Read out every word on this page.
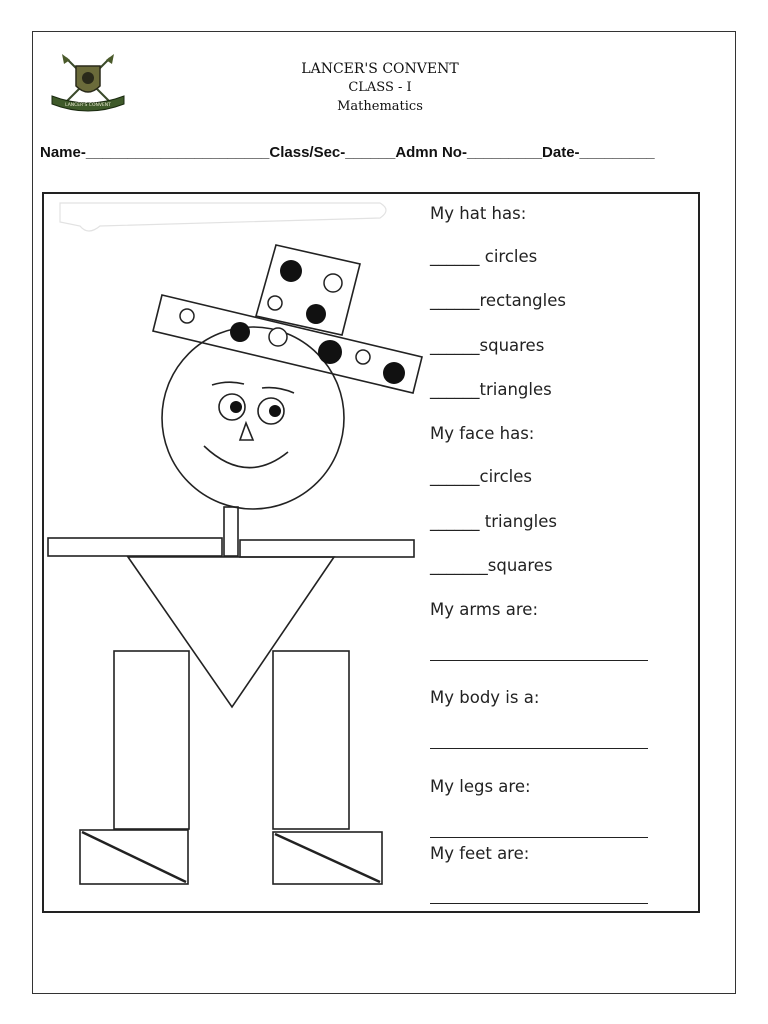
LANCER'S CONVENT
LANCER'S CONVENT
CLASS - I
Mathematics
Name-______________________Class/Sec-______Admn No-_________Date-_________
My hat has:
______ circles
______rectangles
______squares
______triangles
My face has:
______circles
______ triangles
_______squares
My arms are:
My body is a:
My legs are:
My feet are:
